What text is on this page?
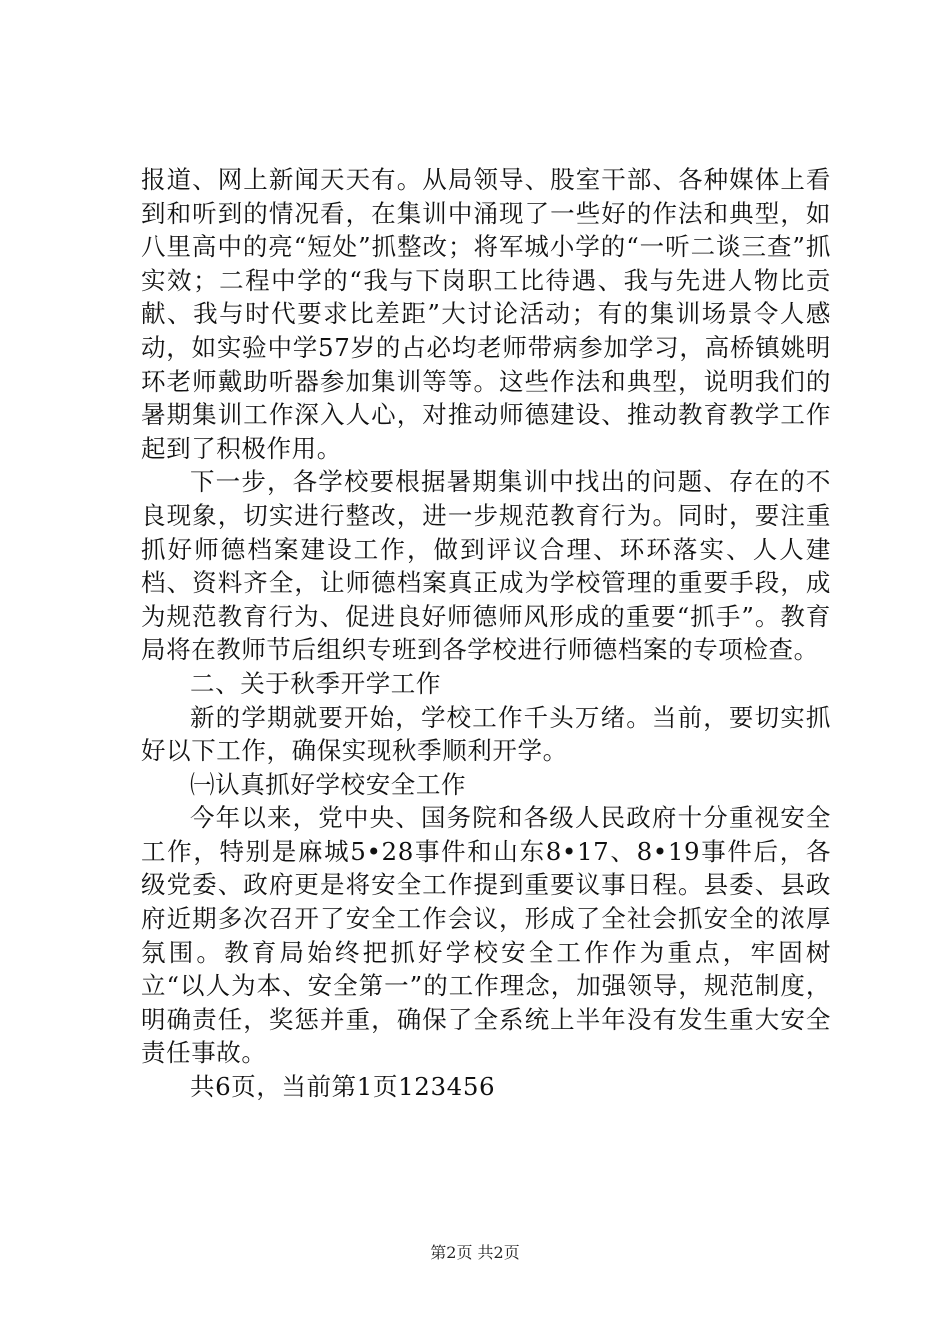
报道、网上新闻天天有。从局领导、股室干部、各种媒体上看到和听到的情况看，在集训中涌现了一些好的作法和典型，如八里高中的亮“短处”抓整改；将军城小学的“一听二谈三查”抓实效；二程中学的“我与下岗职工比待遇、我与先进人物比贡献、我与时代要求比差距”大讨论活动；有的集训场景令人感动，如实验中学57岁的占必均老师带病参加学习，高桥镇姚明环老师戴助听器参加集训等等。这些作法和典型，说明我们的暑期集训工作深入人心，对推动师德建设、推动教育教学工作起到了积极作用。

下一步，各学校要根据暑期集训中找出的问题、存在的不良现象，切实进行整改，进一步规范教育行为。同时，要注重抓好师德档案建设工作，做到评议合理、环环落实、人人建档、资料齐全，让师德档案真正成为学校管理的重要手段，成为规范教育行为、促进良好师德师风形成的重要“抓手”。教育局将在教师节后组织专班到各学校进行师德档案的专项检查。

二、关于秋季开学工作

新的学期就要开始，学校工作千头万绪。当前，要切实抓好以下工作，确保实现秋季顺利开学。

㈠认真抓好学校安全工作

今年以来，党中央、国务院和各级人民政府十分重视安全工作，特别是麻城5•28事件和山东8•17、8•19事件后，各级党委、政府更是将安全工作提到重要议事日程。县委、县政府近期多次召开了安全工作会议，形成了全社会抓安全的浓厚氛围。教育局始终把抓好学校安全工作作为重点，牢固树立“以人为本、安全第一”的工作理念，加强领导，规范制度，明确责任，奖惩并重，确保了全系统上半年没有发生重大安全责任事故。

共6页，当前第1页123456

第2页 共2页
